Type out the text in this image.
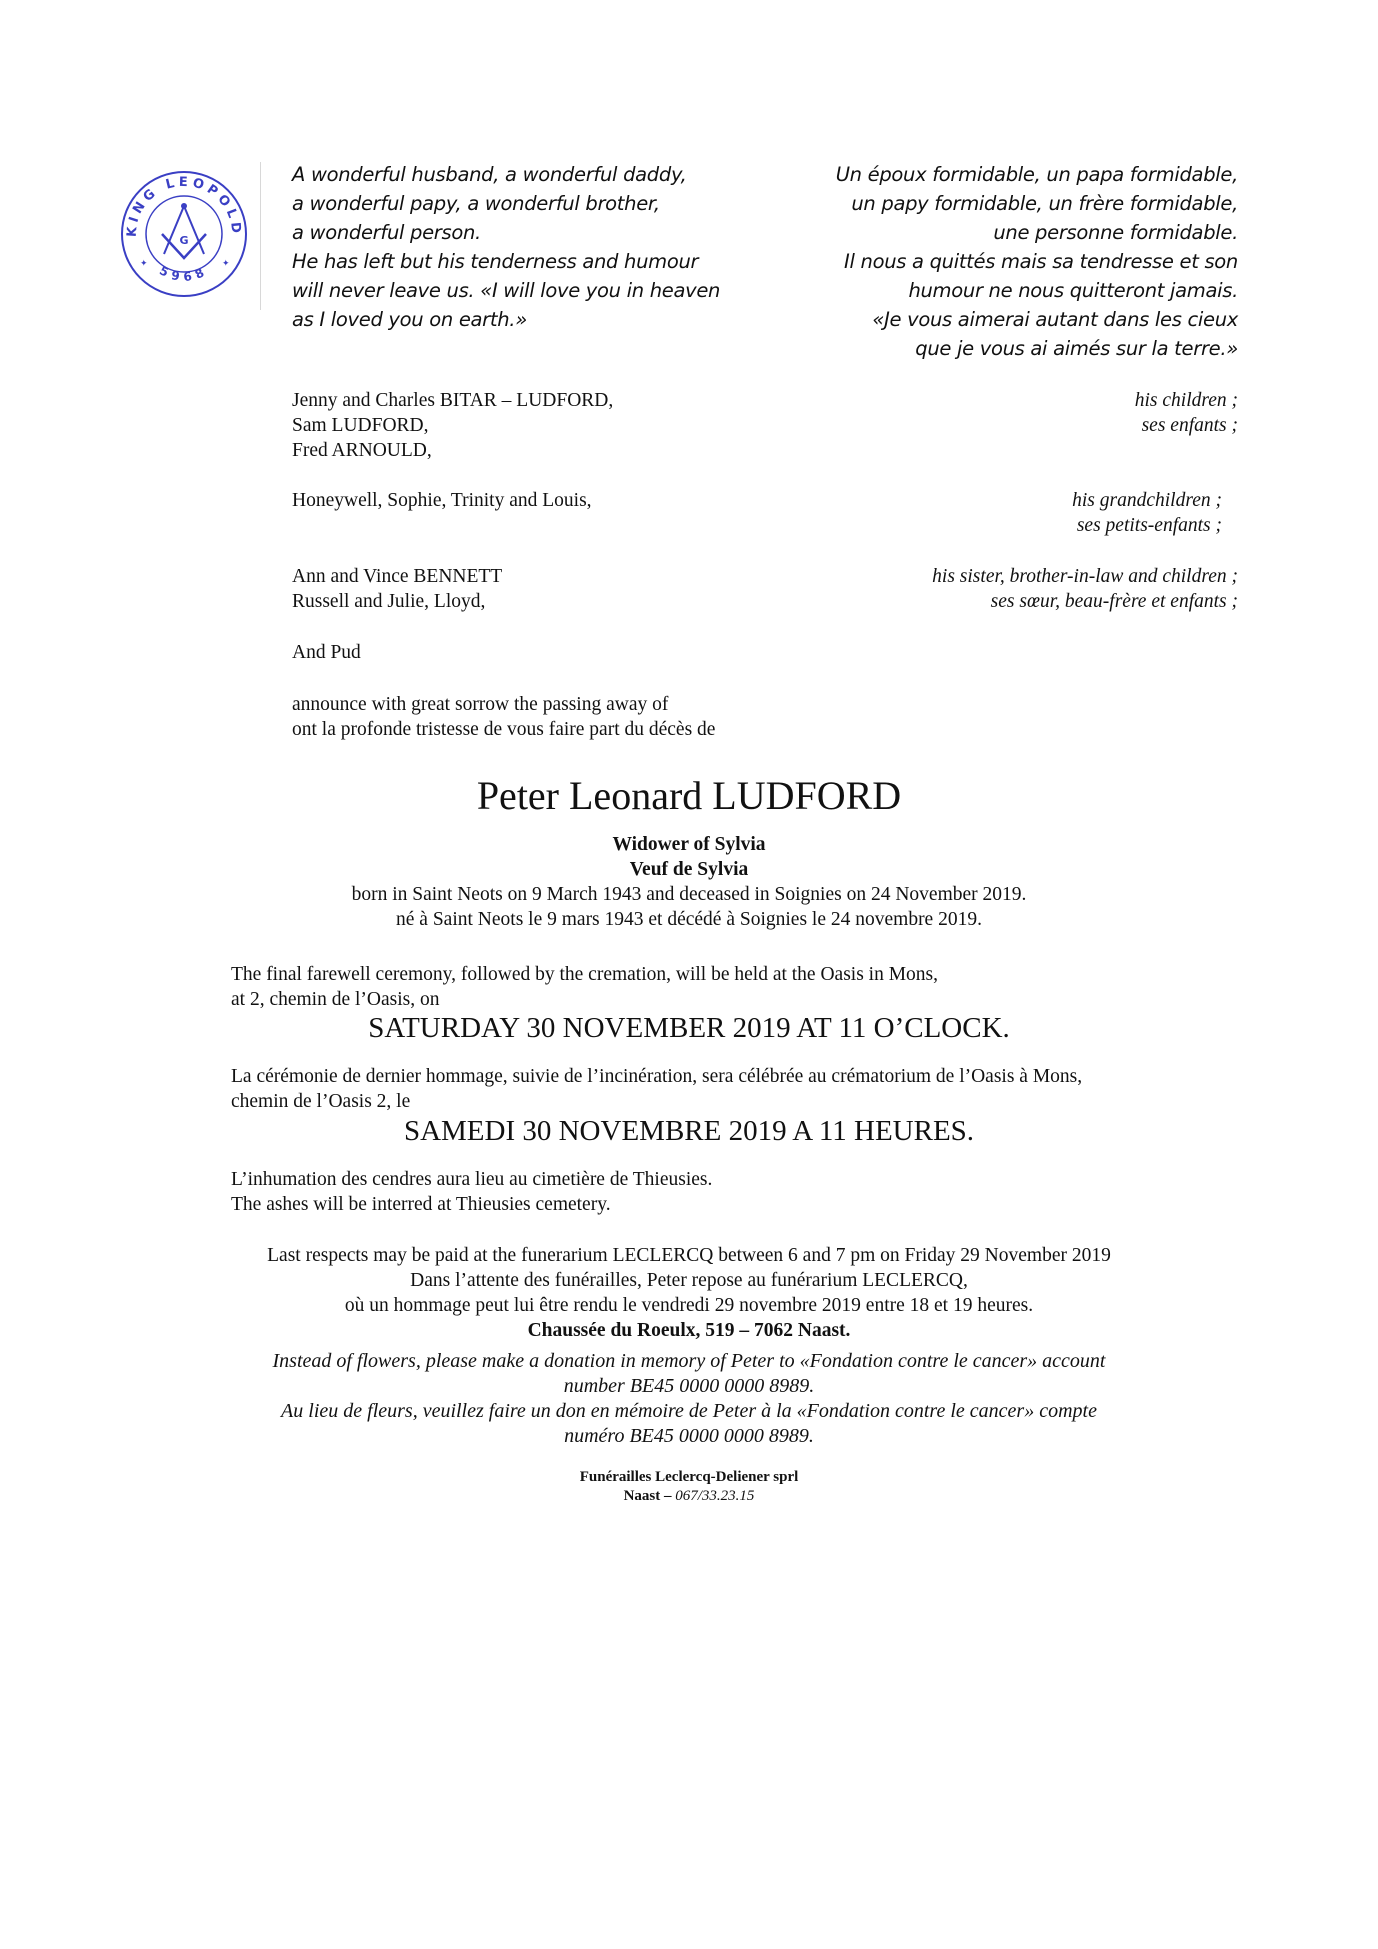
KING LEOPOLD
5968
G
✦	✦
A wonderful husband, a wonderful daddy,
a wonderful papy, a wonderful brother,
a wonderful person.
He has left but his tenderness and humour
will never leave us. «I will love you in heaven
as I loved you on earth.»
Un époux formidable, un papa formidable,
un papy formidable, un frère formidable,
une personne formidable.
Il nous a quittés mais sa tendresse et son
humour ne nous quitteront jamais.
«Je vous aimerai autant dans les cieux
que je vous ai aimés sur la terre.»
Jenny and Charles BITAR – LUDFORD,
Sam LUDFORD,
Fred ARNOULD,
his children ;
ses enfants ;
Honeywell, Sophie, Trinity and Louis,	his grandchildren ;
ses petits-enfants ;
Ann and Vince BENNETT
Russell and Julie, Lloyd,
his sister, brother-in-law and children ;
ses sœur, beau-frère et enfants ;
And Pud
announce with great sorrow the passing away of
ont la profonde tristesse de vous faire part du décès de
Peter Leonard LUDFORD
Widower of Sylvia
Veuf de Sylvia
born in Saint Neots on 9 March 1943 and deceased in Soignies on 24 November 2019.
né à Saint Neots le 9 mars 1943 et décédé à Soignies le 24 novembre 2019.
The final farewell ceremony, followed by the cremation, will be held at the Oasis in Mons,
at 2, chemin de l’Oasis, on
SATURDAY 30 NOVEMBER 2019 AT 11 O’CLOCK.
La cérémonie de dernier hommage, suivie de l’incinération, sera célébrée au crématorium de l’Oasis à Mons,
chemin de l’Oasis 2, le
SAMEDI 30 NOVEMBRE 2019 A 11 HEURES.
L’inhumation des cendres aura lieu au cimetière de Thieusies.
The ashes will be interred at Thieusies cemetery.
Last respects may be paid at the funerarium LECLERCQ between 6 and 7 pm on Friday 29 November 2019
Dans l’attente des funérailles, Peter repose au funérarium LECLERCQ,
où un hommage peut lui être rendu le vendredi 29 novembre 2019 entre 18 et 19 heures.
Chaussée du Roeulx, 519 – 7062 Naast.
Instead of flowers, please make a donation in memory of Peter to «Fondation contre le cancer» account
number BE45 0000 0000 8989.
Au lieu de fleurs, veuillez faire un don en mémoire de Peter à la «Fondation contre le cancer» compte
numéro BE45 0000 0000 8989.
Funérailles Leclercq-Deliener sprl
Naast – 067/33.23.15
